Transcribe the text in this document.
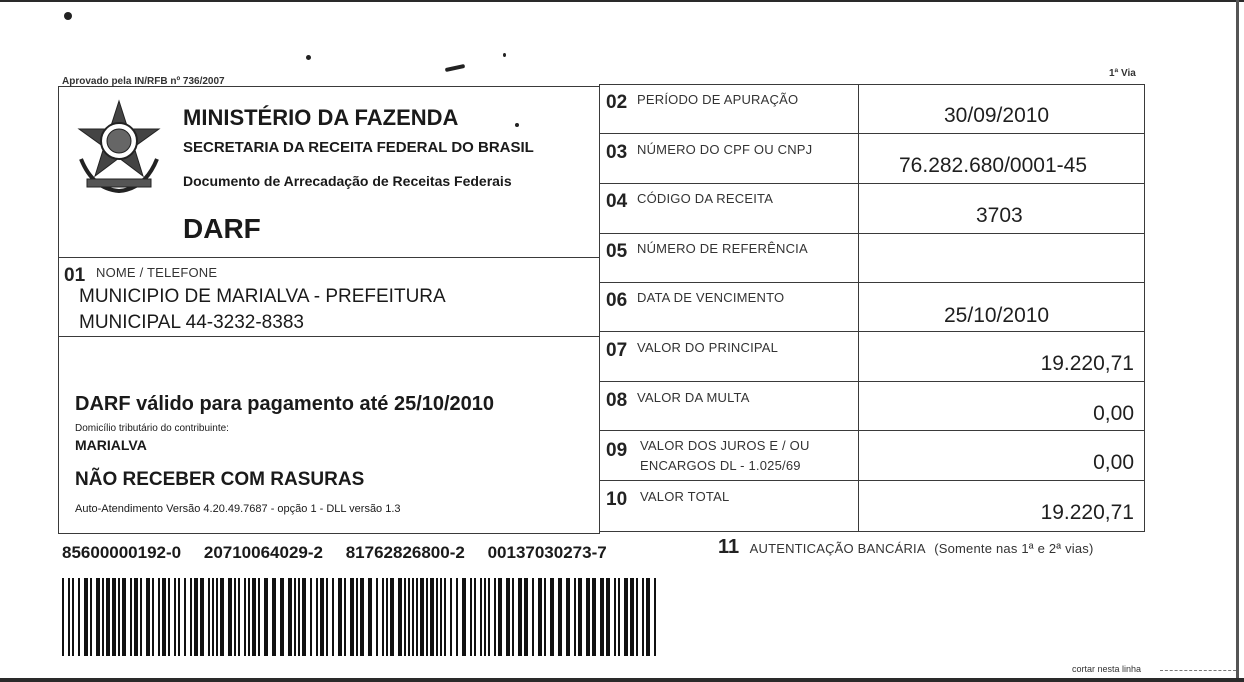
Aprovado pela IN/RFB nº 736/2007
1ª Via
MINISTÉRIO DA FAZENDA
SECRETARIA DA RECEITA FEDERAL DO BRASIL
Documento de Arrecadação de Receitas Federais
DARF
01 NOME / TELEFONE
MUNICIPIO DE MARIALVA - PREFEITURA
MUNICIPAL 44-3232-8383
DARF válido para pagamento até 25/10/2010
Domicílio tributário do contribuinte:
MARIALVA
NÃO RECEBER COM RASURAS
Auto-Atendimento Versão 4.20.49.7687 - opção 1 - DLL versão 1.3
02 PERÍODO DE APURAÇÃO
30/09/2010
03 NÚMERO DO CPF OU CNPJ
76.282.680/0001-45
04 CÓDIGO DA RECEITA
3703
05 NÚMERO DE REFERÊNCIA
06 DATA DE VENCIMENTO
25/10/2010
07 VALOR DO PRINCIPAL
19.220,71
08 VALOR DA MULTA
0,00
09 VALOR DOS JUROS E / OU
ENCARGOS DL - 1.025/69	0,00
10 VALOR TOTAL
19.220,71
85600000192-0 20710064029-2 81762826800-2 00137030273-7	11 AUTENTICAÇÃO BANCÁRIA (Somente nas 1ª e 2ª vias)
cortar nesta linha
